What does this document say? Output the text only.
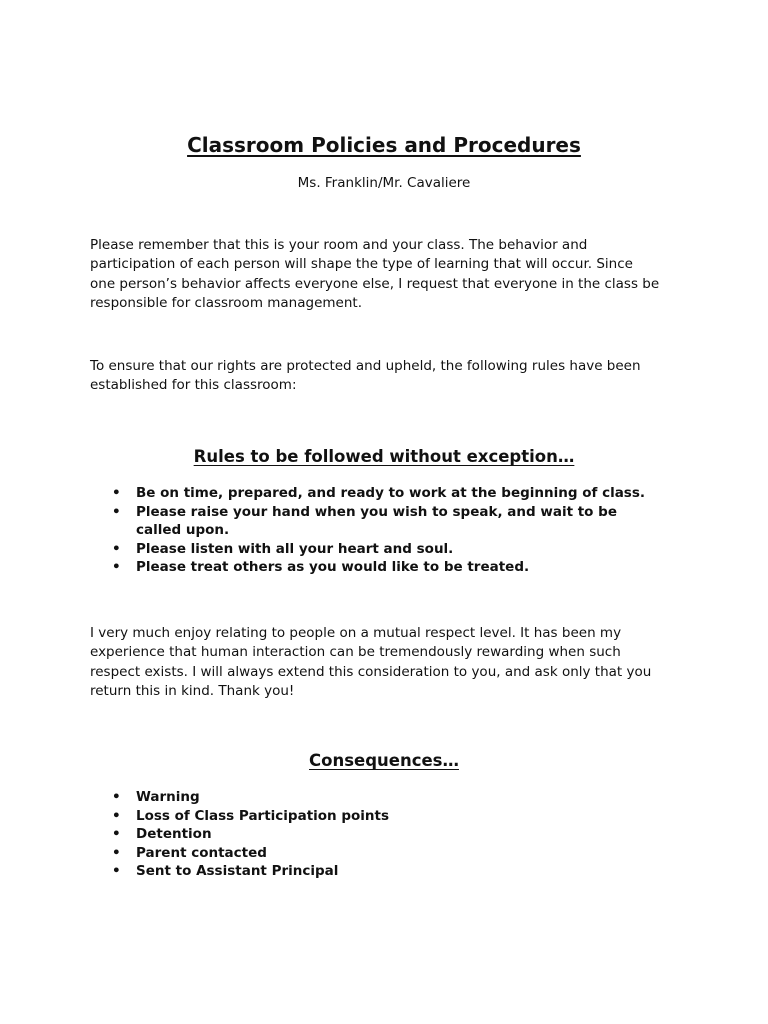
Classroom Policies and Procedures

Ms. Franklin/Mr. Cavaliere

Please remember that this is your room and your class. The behavior and
participation of each person will shape the type of learning that will occur. Since
one person’s behavior affects everyone else, I request that everyone in the class be
responsible for classroom management.

To ensure that our rights are protected and upheld, the following rules have been
established for this classroom:

Rules to be followed without exception…
• Be on time, prepared, and ready to work at the beginning of class.
• Please raise your hand when you wish to speak, and wait to be
called upon.
• Please listen with all your heart and soul.
• Please treat others as you would like to be treated.

I very much enjoy relating to people on a mutual respect level. It has been my
experience that human interaction can be tremendously rewarding when such
respect exists. I will always extend this consideration to you, and ask only that you
return this in kind. Thank you!

Consequences…
• Warning
• Loss of Class Participation points
• Detention
• Parent contacted
• Sent to Assistant Principal
